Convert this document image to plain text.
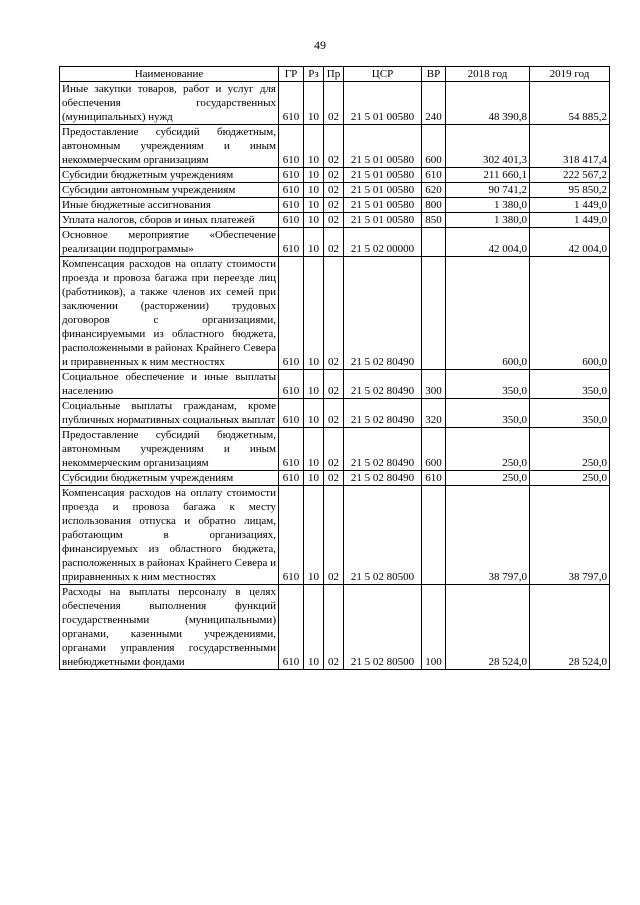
49
Наименование	ГР	Рз	Пр	ЦСР	ВР	2018 год	2019 год
Иные закупки товаров, работ и услуг для обеспечения государственных (муниципальных) нужд	610	10	02	21 5 01 00580	240	48 390,8	54 885,2
Предоставление субсидий бюджетным, автономным учреждениям и иным некоммерческим организациям	610	10	02	21 5 01 00580	600	302 401,3	318 417,4
Субсидии бюджетным учреждениям	610	10	02	21 5 01 00580	610	211 660,1	222 567,2
Субсидии автономным учреждениям	610	10	02	21 5 01 00580	620	90 741,2	95 850,2
Иные бюджетные ассигнования	610	10	02	21 5 01 00580	800	1 380,0	1 449,0
Уплата налогов, сборов и иных платежей	610	10	02	21 5 01 00580	850	1 380,0	1 449,0
Основное мероприятие «Обеспечение реализации подпрограммы»	610	10	02	21 5 02 00000		42 004,0	42 004,0
Компенсация расходов на оплату стоимости проезда и провоза багажа при переезде лиц (работников), а также членов их семей при заключении (расторжении) трудовых договоров с организациями, финансируемыми из областного бюджета, расположенными в районах Крайнего Севера и приравненных к ним местностях	610	10	02	21 5 02 80490		600,0	600,0
Социальное обеспечение и иные выплаты населению	610	10	02	21 5 02 80490	300	350,0	350,0
Социальные выплаты гражданам, кроме публичных нормативных социальных выплат	610	10	02	21 5 02 80490	320	350,0	350,0
Предоставление субсидий бюджетным, автономным учреждениям и иным некоммерческим организациям	610	10	02	21 5 02 80490	600	250,0	250,0
Субсидии бюджетным учреждениям	610	10	02	21 5 02 80490	610	250,0	250,0
Компенсация расходов на оплату стоимости проезда и провоза багажа к месту использования отпуска и обратно лицам, работающим в организациях, финансируемых из областного бюджета, расположенных в районах Крайнего Севера и приравненных к ним местностях	610	10	02	21 5 02 80500		38 797,0	38 797,0
Расходы на выплаты персоналу в целях обеспечения выполнения функций государственными (муниципальными) органами, казенными учреждениями, органами управления государственными внебюджетными фондами	610	10	02	21 5 02 80500	100	28 524,0	28 524,0
